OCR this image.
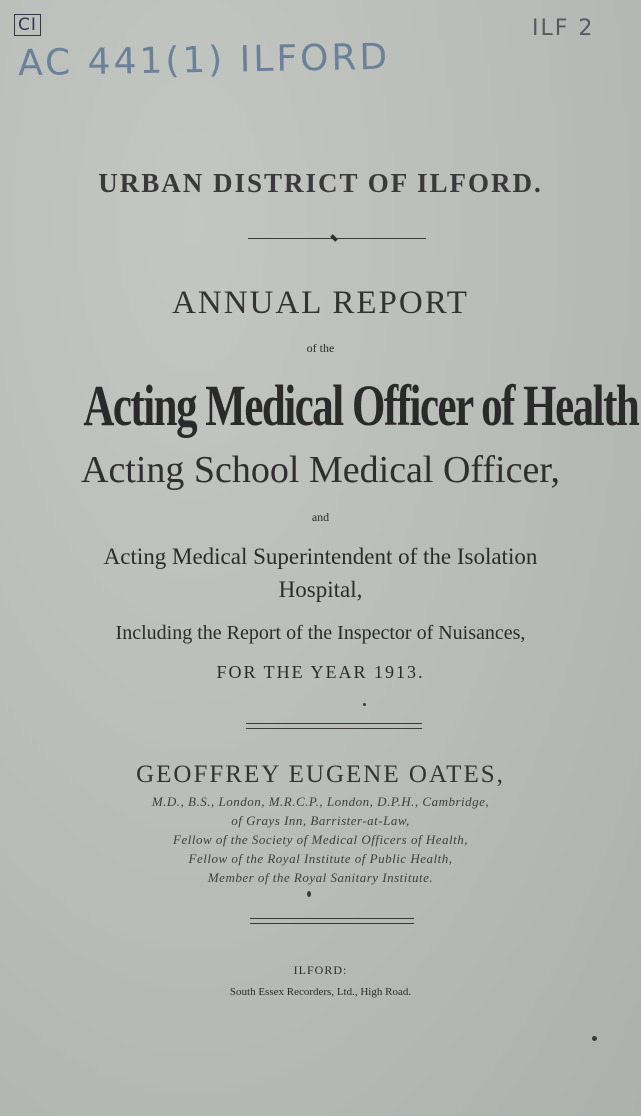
CI
AC 441(1) ILFORD
ILF 2
URBAN DISTRICT OF ILFORD.
ANNUAL REPORT
of the
Acting Medical Officer of Health
Acting School Medical Officer,
and
Acting Medical Superintendent of the Isolation
Hospital,
Including the Report of the Inspector of Nuisances,
FOR THE YEAR 1913.
GEOFFREY EUGENE OATES,
M.D., B.S., London, M.R.C.P., London, D.P.H., Cambridge,
of Grays Inn, Barrister-at-Law,
Fellow of the Society of Medical Officers of Health,
Fellow of the Royal Institute of Public Health,
Member of the Royal Sanitary Institute.
ILFORD:
South Essex Recorders, Ltd., High Road.
